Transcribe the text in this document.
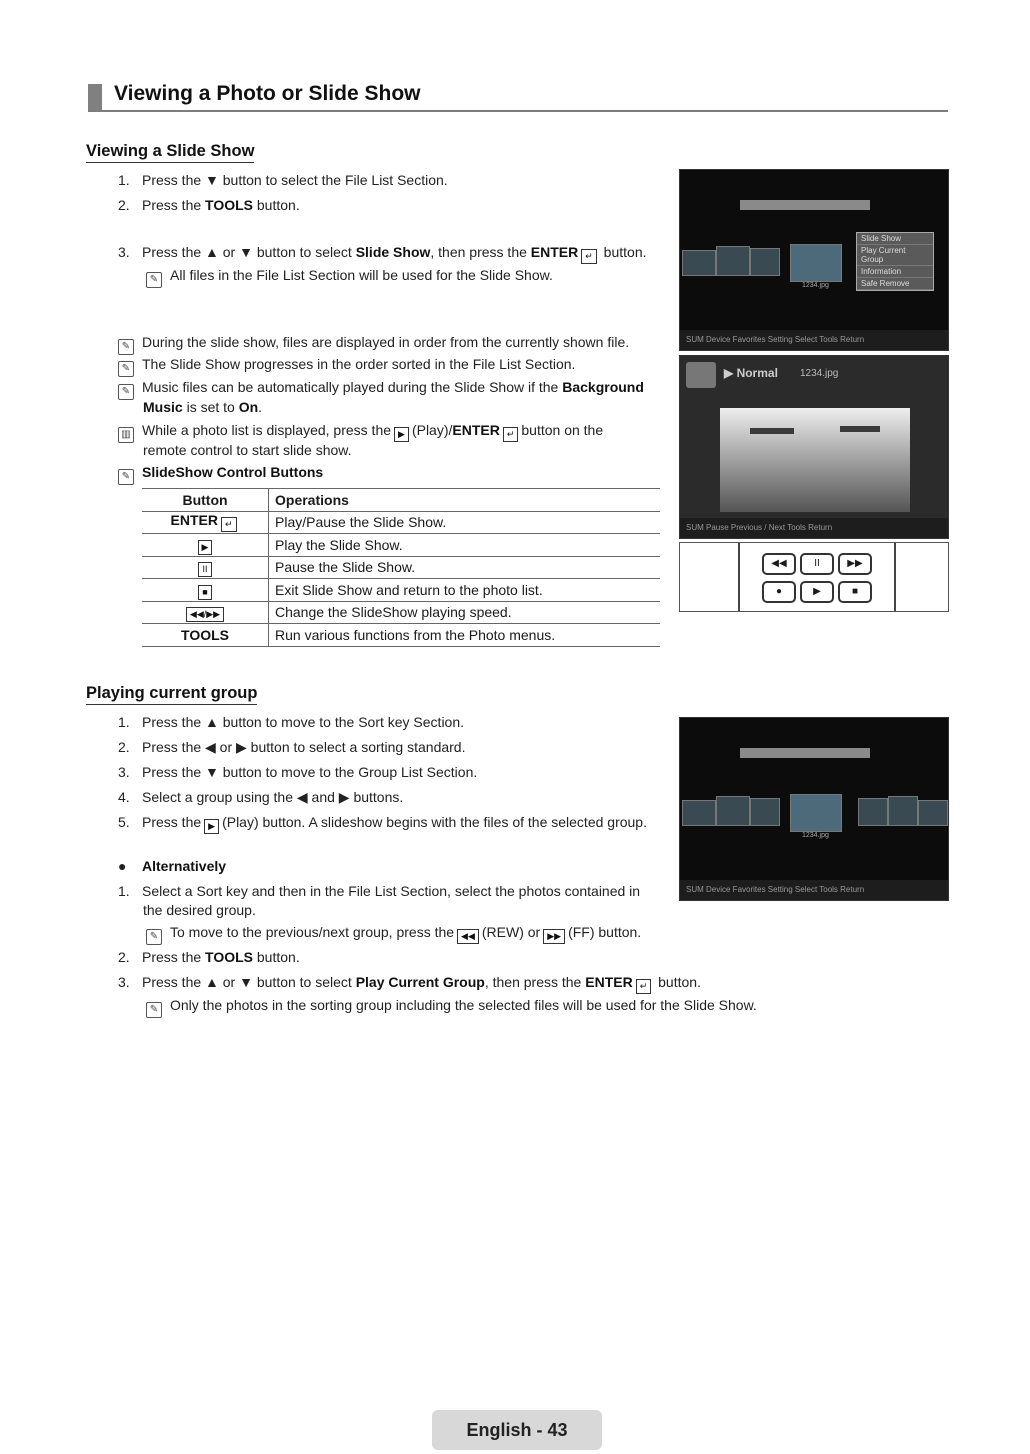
Viewing a Photo or Slide Show
Viewing a Slide Show
1. Press the ▼ button to select the File List Section.
2. Press the TOOLS button.
3. Press the ▲ or ▼ button to select Slide Show, then press the ENTER ↵ button.
✎ All files in the File List Section will be used for the Slide Show.
✎ During the slide show, files are displayed in order from the currently shown file.
✎ The Slide Show progresses in the order sorted in the File List Section.
✎ Music files can be automatically played during the Slide Show if the Background
Music is set to On.
▥ While a photo list is displayed, press the ▶ (Play)/ENTER ↵ button on the
remote control to start slide show.
✎ SlideShow Control Buttons
Button	Operations
ENTER ↵	Play/Pause the Slide Show.
▶	Play the Slide Show.
II	Pause the Slide Show.
■	Exit Slide Show and return to the photo list.
◀◀/▶▶	Change the SlideShow playing speed.
TOOLS	Run various functions from the Photo menus.
1234.jpg
Slide Show
Play Current Group
Information
Safe Remove
SUM Device Favorites Setting Select Tools Return
▶ Normal 1234.jpg
SUM Pause Previous / Next Tools Return
◀◀	II	▶▶
●	▶	■
Playing current group
1. Press the ▲ button to move to the Sort key Section.
2. Press the ◀ or ▶ button to select a sorting standard.
3. Press the ▼ button to move to the Group List Section.
4. Select a group using the ◀ and ▶ buttons.
5. Press the ▶ (Play) button. A slideshow begins with the files of the selected group.
● Alternatively
1. Select a Sort key and then in the File List Section, select the photos contained in
the desired group.
✎ To move to the previous/next group, press the ◀◀ (REW) or ▶▶ (FF) button.
2. Press the TOOLS button.
3. Press the ▲ or ▼ button to select Play Current Group, then press the ENTER ↵ button.
✎ Only the photos in the sorting group including the selected files will be used for the Slide Show.
1234.jpg
SUM Device Favorites Setting Select Tools Return
English - 43
